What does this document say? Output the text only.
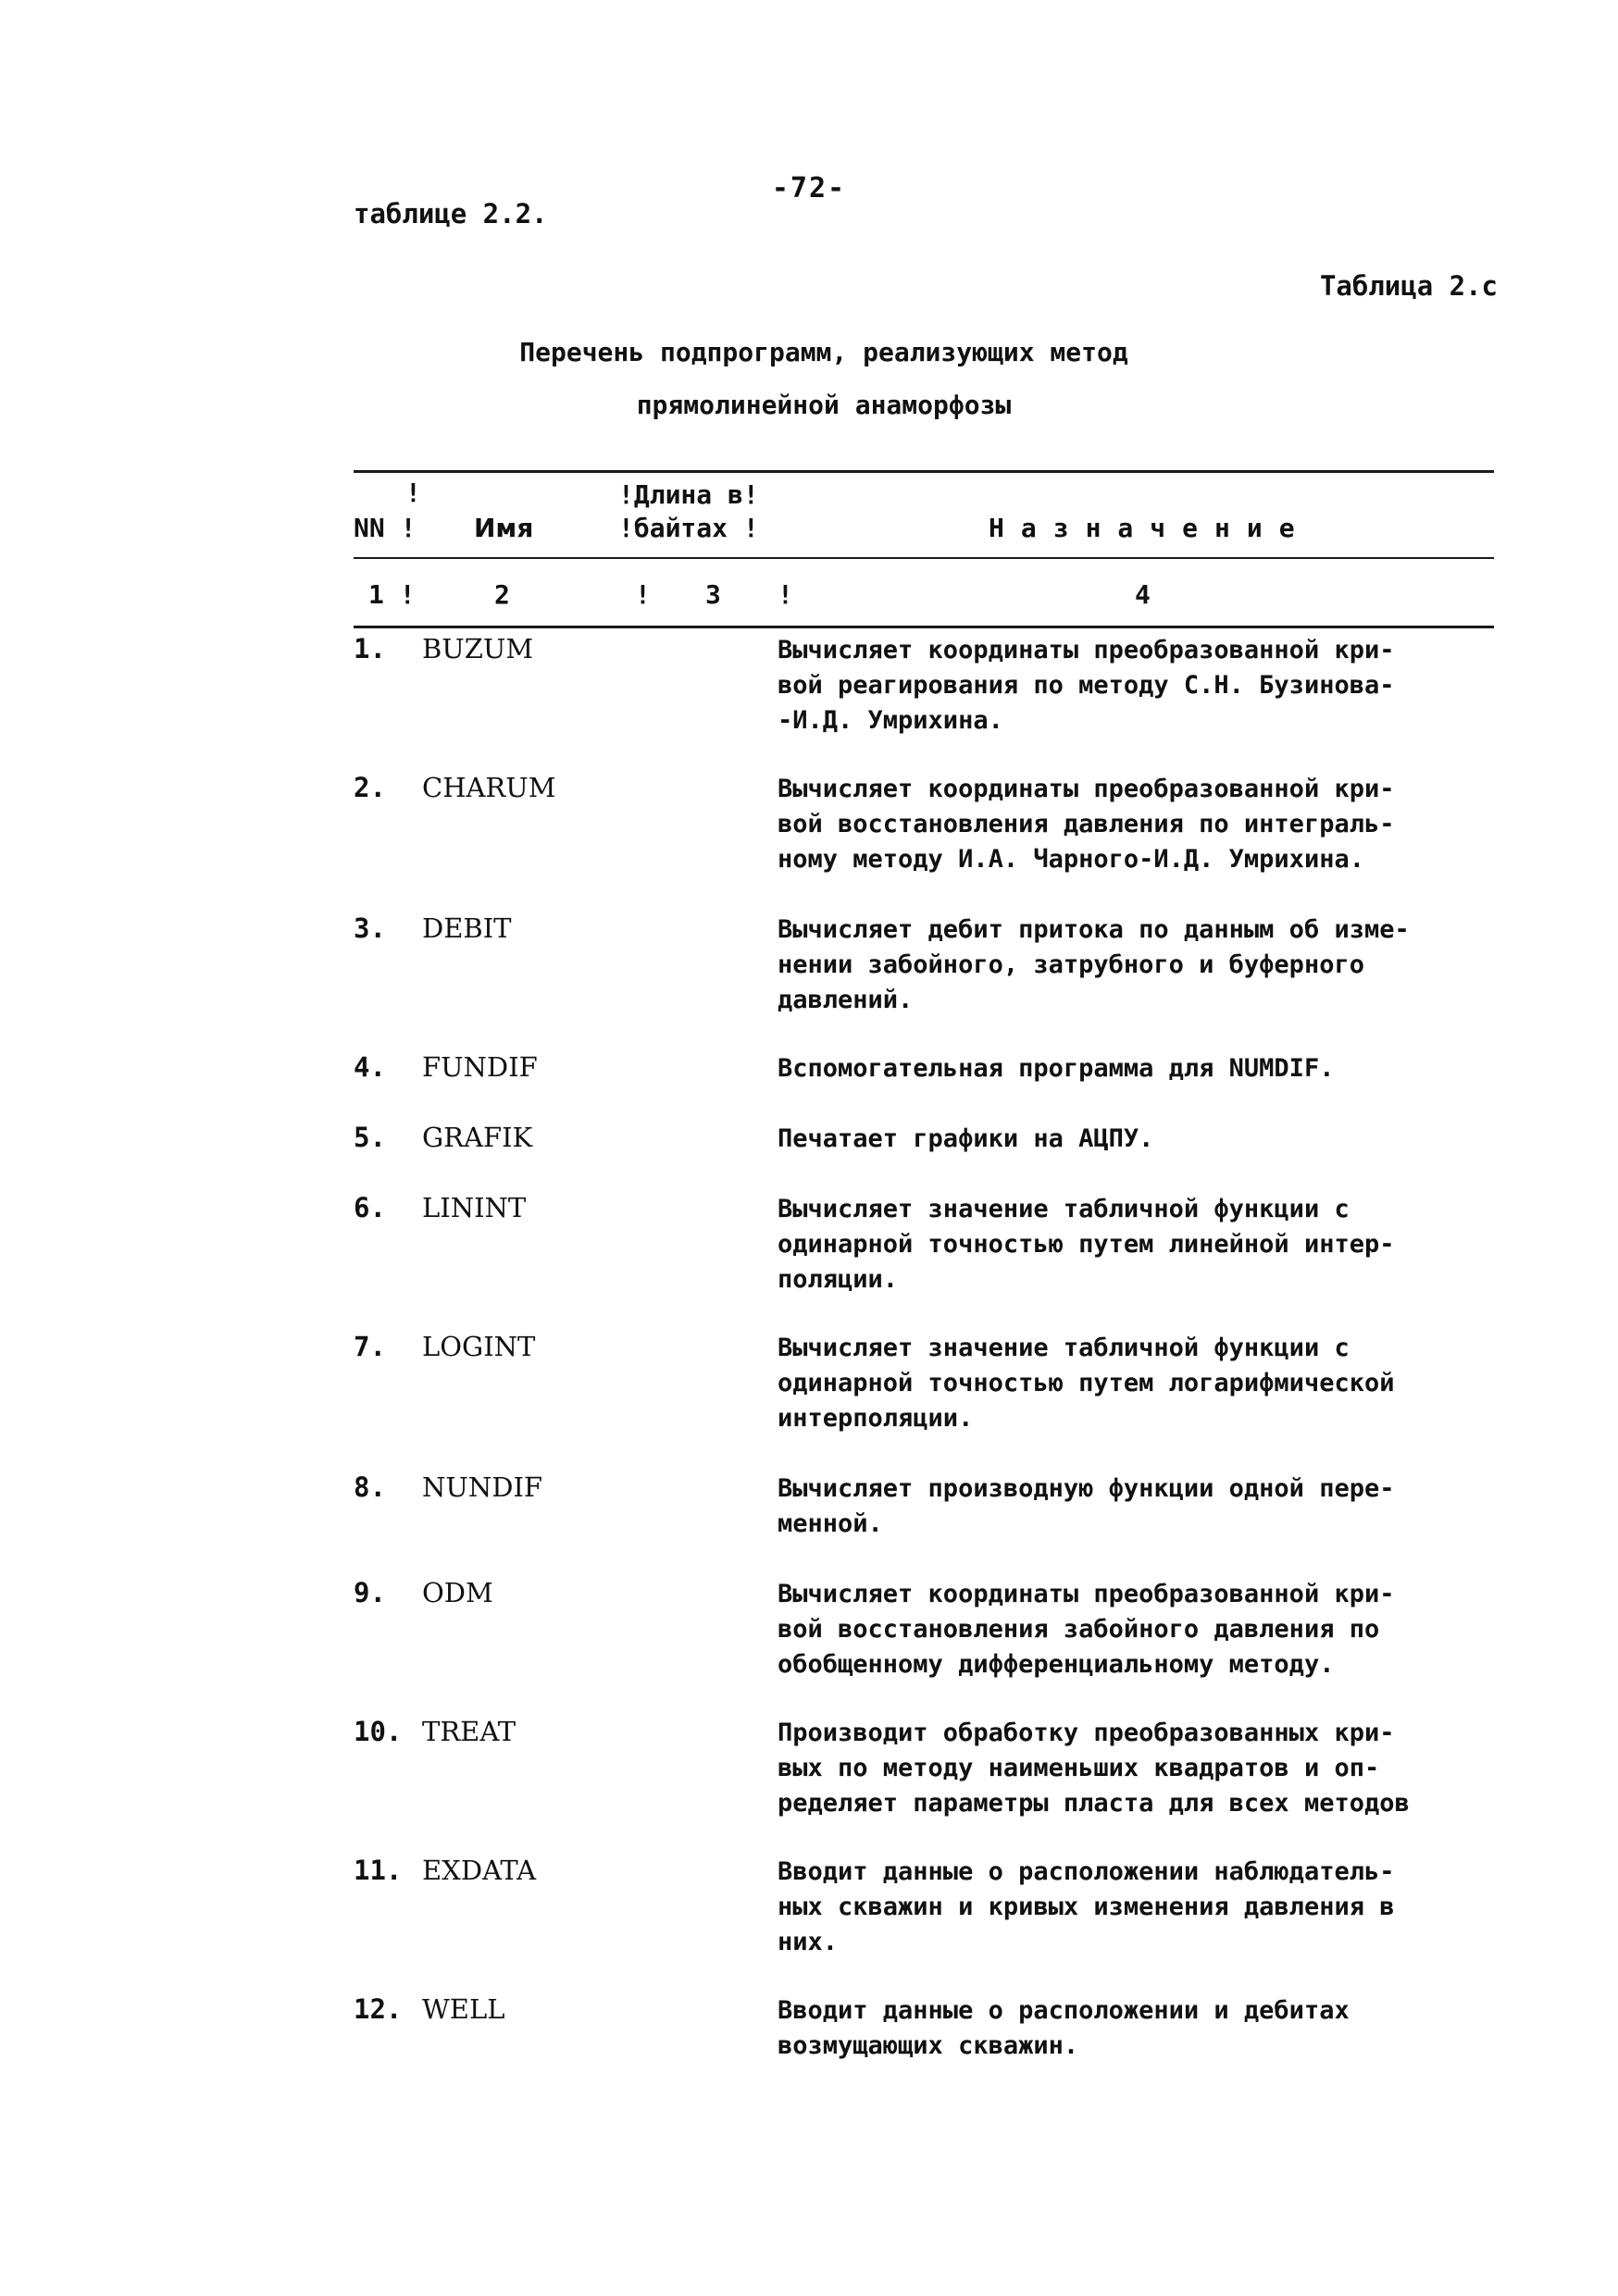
-72-
таблице 2.2.
Таблица 2.с
Перечень подпрограмм, реализующих метод
прямолинейной анаморфозы
!	!Длина в!
NN ! Имя	!байтах !	Назначение
1 !	2	! 3 !	4
1. BUZUM	Вычисляет координаты преобразованной кри-
вой реагирования по методу С.Н. Бузинова-
-И.Д. Умрихина.
2. CHARUM	Вычисляет координаты преобразованной кри-
вой восстановления давления по интеграль-
ному методу И.А. Чарного-И.Д. Умрихина.
3. DEBIT	Вычисляет дебит притока по данным об изме-
нении забойного, затрубного и буферного
давлений.
4. FUNDIF	Вспомогательная программа для NUMDIF.
5. GRAFIK	Печатает графики на АЦПУ.
6. LININT	Вычисляет значение табличной функции с
одинарной точностью путем линейной интер-
поляции.
7. LOGINT	Вычисляет значение табличной функции с
одинарной точностью путем логарифмической
интерполяции.
8. NUNDIF	Вычисляет производную функции одной пере-
менной.
9. ODM	Вычисляет координаты преобразованной кри-
вой восстановления забойного давления по
обобщенному дифференциальному методу.
10. TREAT	Производит обработку преобразованных кри-
вых по методу наименьших квадратов и оп-
ределяет параметры пласта для всех методов
11. EXDATA	Вводит данные о расположении наблюдатель-
ных скважин и кривых изменения давления в
них.
12. WELL	Вводит данные о расположении и дебитах
возмущающих скважин.
